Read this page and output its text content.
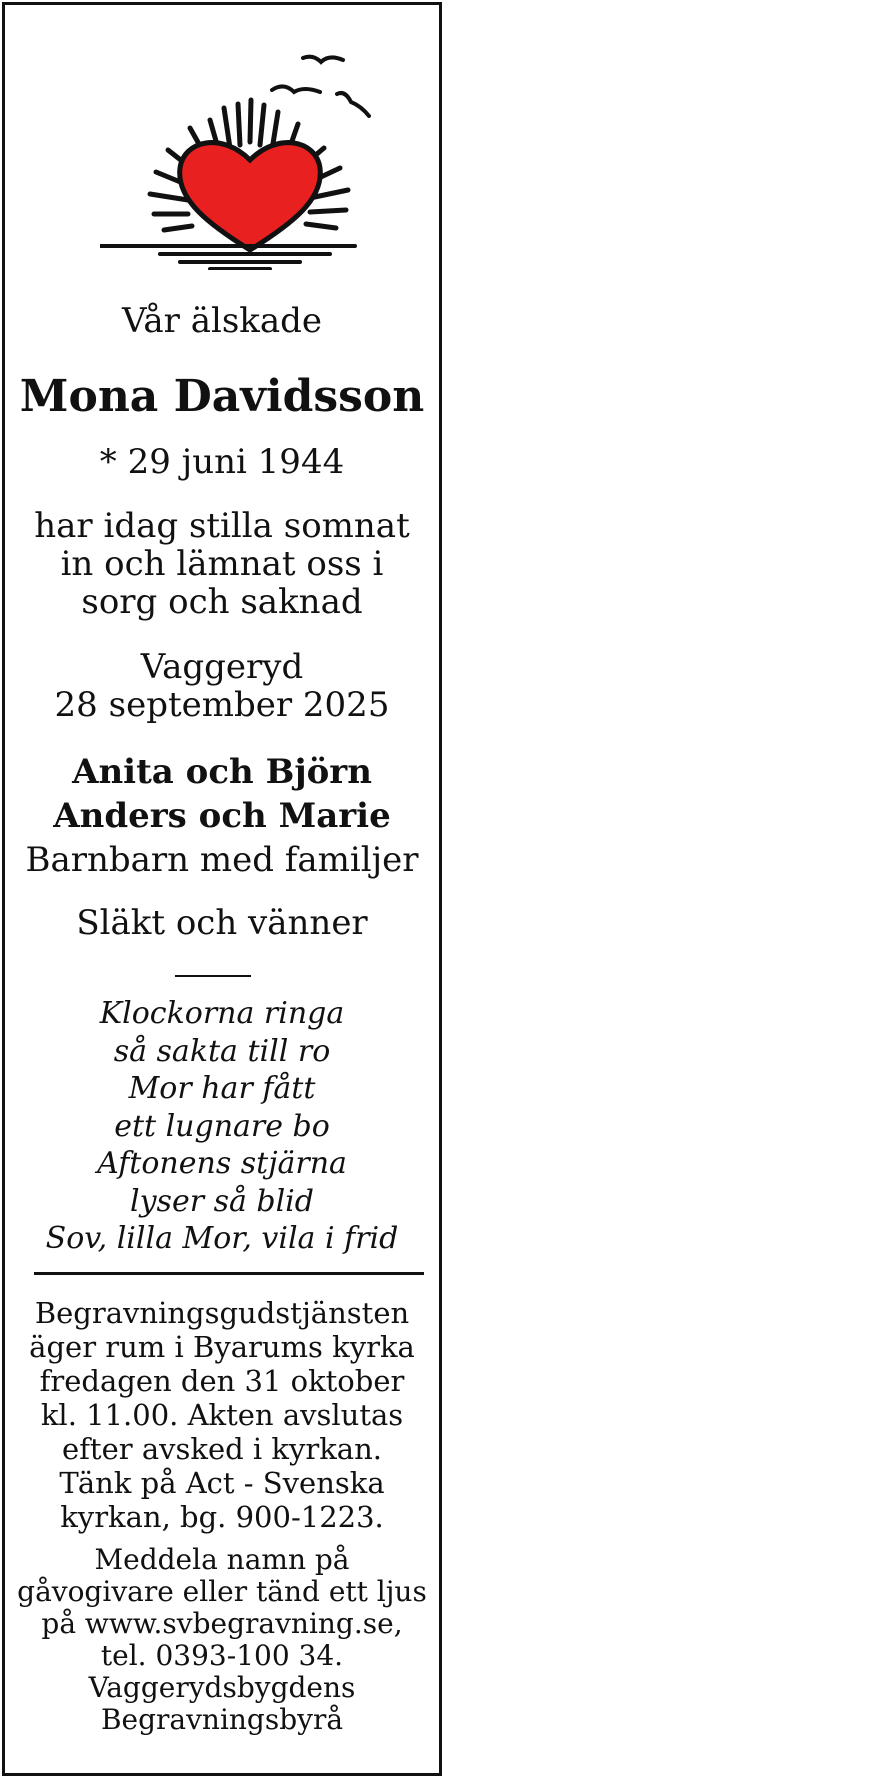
Vår älskade

Mona Davidsson

* 29 juni 1944

har idag stilla somnat
in och lämnat oss i
sorg och saknad

Vaggeryd
28 september 2025

Anita och Björn
Anders och Marie
Barnbarn med familjer

Släkt och vänner

Klockorna ringa
så sakta till ro
Mor har fått
ett lugnare bo
Aftonens stjärna
lyser så blid
Sov, lilla Mor, vila i frid

Begravningsgudstjänsten
äger rum i Byarums kyrka
fredagen den 31 oktober
kl. 11.00. Akten avslutas
efter avsked i kyrkan.
Tänk på Act - Svenska
kyrkan, bg. 900-1223.

Meddela namn på
gåvogivare eller tänd ett ljus
på www.svbegravning.se,
tel. 0393-100 34.
Vaggerydsbygdens
Begravningsbyrå
